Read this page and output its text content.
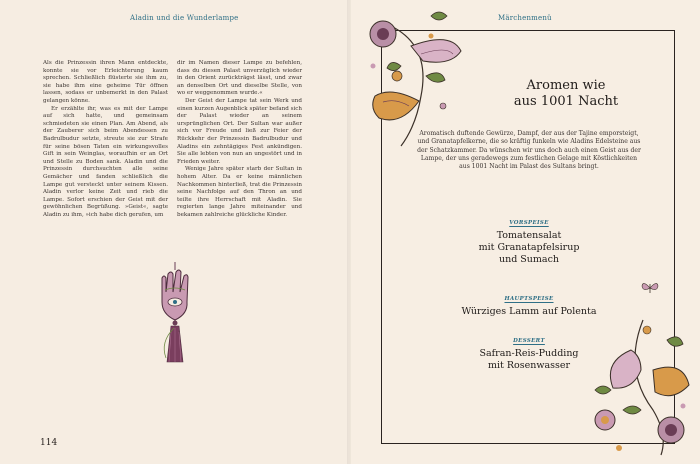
Aladin und die Wunderlampe

Als die Prinzessin ihren Mann entdeckte, konnte sie vor Erleichterung kaum sprechen. Schließlich flüsterte sie ihm zu, sie habe ihm eine geheime Tür öffnen lassen, sodass er unbemerkt in den Palast gelangen könne.

Er erzählte ihr, was es mit der Lampe auf sich hatte, und gemeinsam schmiedeten sie einen Plan. Am Abend, als der Zauberer sich beim Abendessen zu Badrulbudur setzte, streute sie zur Strafe für seine bösen Taten ein wirkungsvolles Gift in sein Weinglas, woraufhin er an Ort und Stelle zu Boden sank. Aladin und die Prinzessin durchsuchten alle seine Gemächer und fanden schließlich die Lampe gut versteckt unter seinem Kissen. Aladin verlor keine Zeit und rieb die Lampe. Sofort erschien der Geist mit der gewöhnlichen Begrüßung. »Geist«, sagte Aladin zu ihm, »ich habe dich gerufen, um

dir im Namen dieser Lampe zu befehlen, dass du diesen Palast unverzüglich wieder in den Orient zurückträgst lässt, und zwar an denselben Ort und dieselbe Stelle, von wo er weggenommen wurde.«

Der Geist der Lampe tat sein Werk und einen kurzen Augenblick später befand sich der Palast wieder an seinem ursprünglichen Ort. Der Sultan war außer sich vor Freude und ließ zur Feier der Rückkehr der Prinzessin Badrulbudur und Aladins ein zehntägiges Fest ankündigen. Sie alle lebten von nun an ungestört und in Frieden weiter.

Wenige Jahre später starb der Sultan in hohem Alter. Da er keine männlichen Nachkommen hinterließ, trat die Prinzessin seine Nachfolge auf den Thron an und teilte ihre Herrschaft mit Aladin. Sie regierten lange Jahre miteinander und bekamen zahlreiche glückliche Kinder.

114
Märchenmenü
Aromen wie
aus 1001 Nacht
Aromatisch duftende Gewürze, Dampf, der aus der Tajine emporsteigt, und Granatapfelkerne, die so kräftig funkeln wie Aladins Edelsteine aus der Schatzkammer. Da wünschen wir uns doch auch einen Geist aus der Lampe, der uns geradewegs zum festlichen Gelage mit Köstlichkeiten aus 1001 Nacht im Palast des Sultans bringt.
VORSPEISE
Tomatensalat
mit Granatapfelsirup
und Sumach
HAUPTSPEISE
Würziges Lamm auf Polenta
DESSERT
Safran-Reis-Pudding
mit Rosenwasser
